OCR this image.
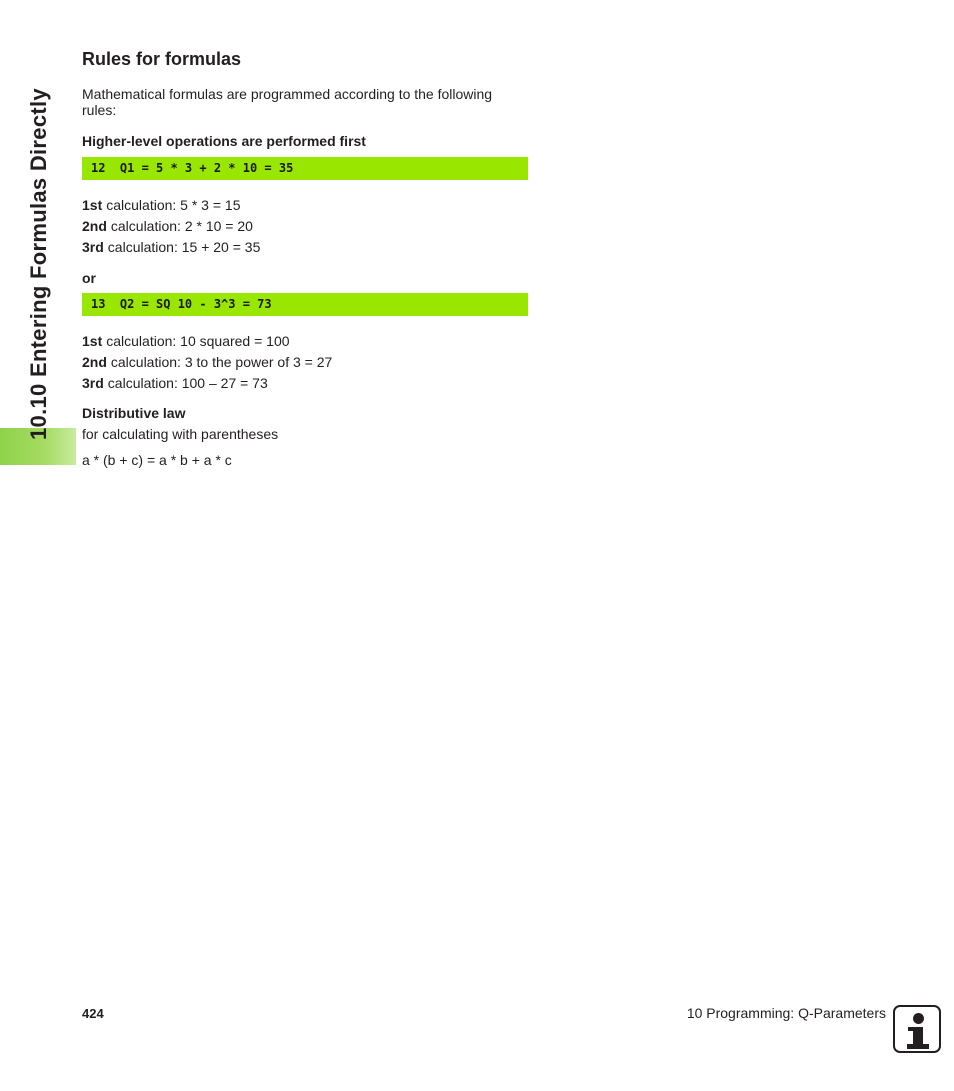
10.10 Entering Formulas Directly
Rules for formulas
Mathematical formulas are programmed according to the following rules:
Higher-level operations are performed first
12  Q1 = 5 * 3 + 2 * 10 = 35
1st calculation: 5 * 3 = 15
2nd calculation: 2 * 10 = 20
3rd calculation: 15 + 20 = 35
or
13  Q2 = SQ 10 - 3^3 = 73
1st calculation: 10 squared = 100
2nd calculation: 3 to the power of 3 = 27
3rd calculation: 100 – 27 = 73
Distributive law
for calculating with parentheses
a * (b + c) = a * b + a * c
424	10 Programming: Q-Parameters
